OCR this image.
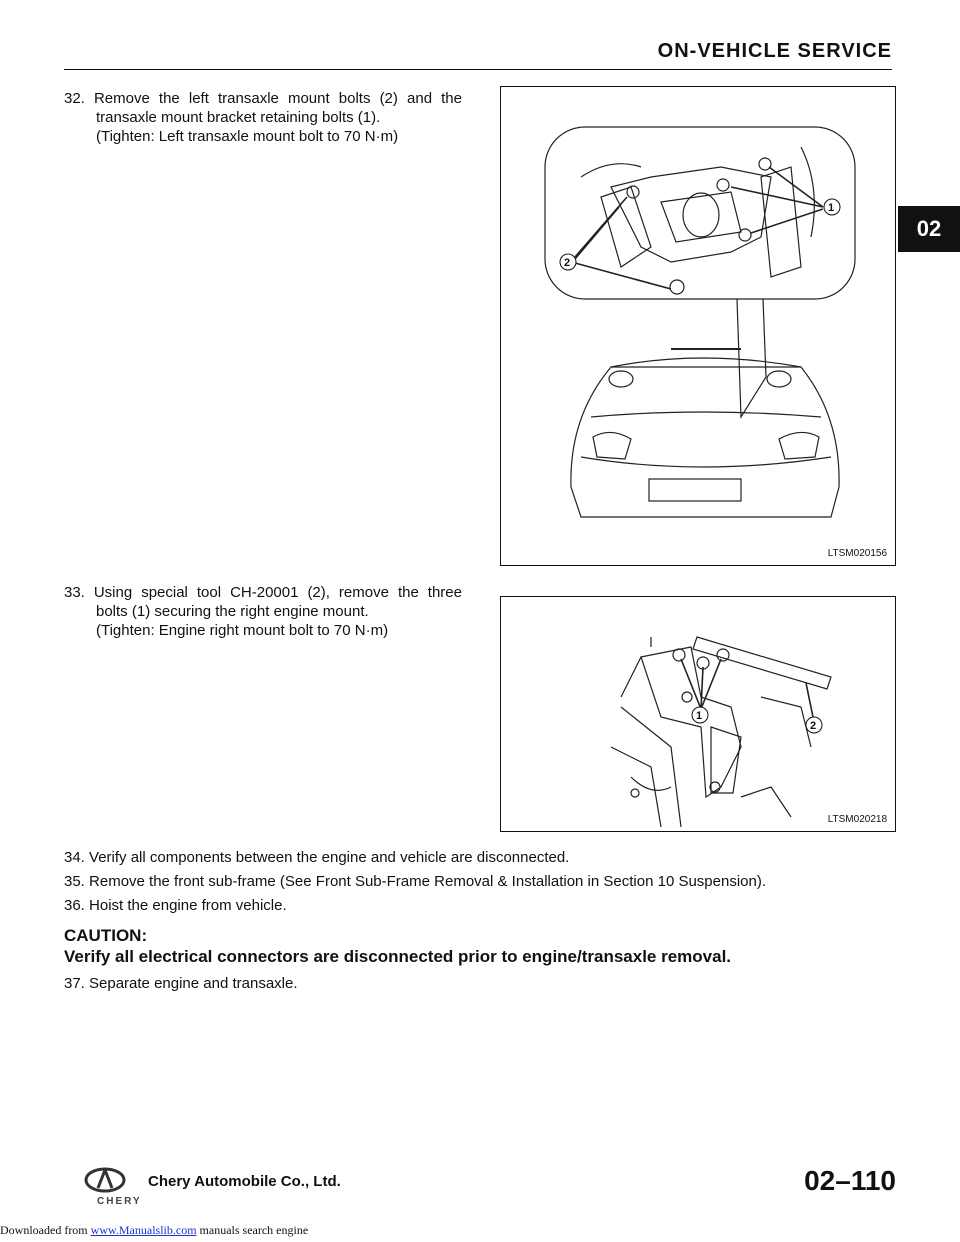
ON-VEHICLE SERVICE
02
32. Remove the left transaxle mount bolts (2) and the
transaxle mount bracket retaining bolts (1).
(Tighten: Left transaxle mount bolt to 70 N·m)
1
2
LTSM020156
33. Using special tool CH-20001 (2), remove the three
bolts (1) securing the right engine mount.
(Tighten: Engine right mount bolt to 70 N·m)
1
2
LTSM020218
34. Verify all components between the engine and vehicle are disconnected.
35. Remove the front sub-frame (See Front Sub-Frame Removal & Installation in Section 10 Suspension).
36. Hoist the engine from vehicle.
CAUTION:
Verify all electrical connectors are disconnected prior to engine/transaxle removal.
37. Separate engine and transaxle.
CHERY
Chery Automobile Co., Ltd.	02–110
Downloaded from www.Manualslib.com manuals search engine
